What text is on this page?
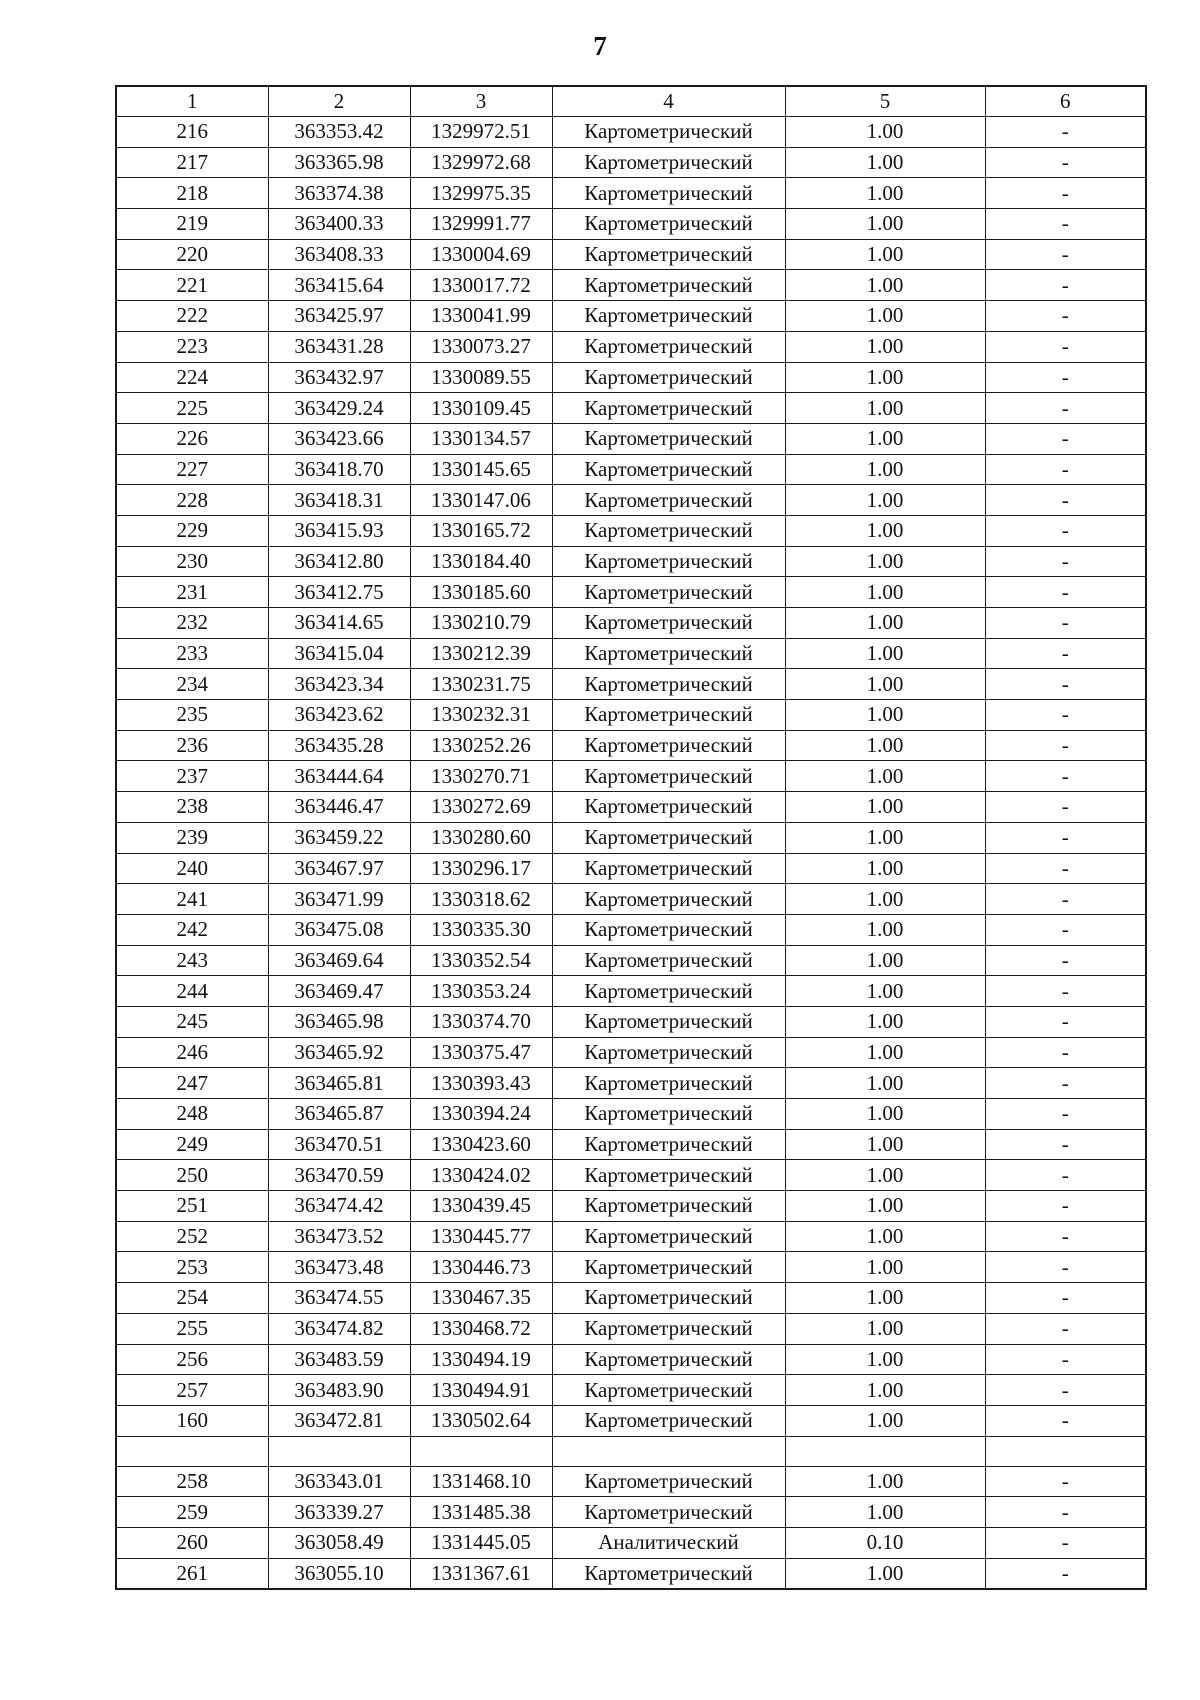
7
1	2	3	4	5	6
216	363353.42	1329972.51	Картометрический	1.00	-
217	363365.98	1329972.68	Картометрический	1.00	-
218	363374.38	1329975.35	Картометрический	1.00	-
219	363400.33	1329991.77	Картометрический	1.00	-
220	363408.33	1330004.69	Картометрический	1.00	-
221	363415.64	1330017.72	Картометрический	1.00	-
222	363425.97	1330041.99	Картометрический	1.00	-
223	363431.28	1330073.27	Картометрический	1.00	-
224	363432.97	1330089.55	Картометрический	1.00	-
225	363429.24	1330109.45	Картометрический	1.00	-
226	363423.66	1330134.57	Картометрический	1.00	-
227	363418.70	1330145.65	Картометрический	1.00	-
228	363418.31	1330147.06	Картометрический	1.00	-
229	363415.93	1330165.72	Картометрический	1.00	-
230	363412.80	1330184.40	Картометрический	1.00	-
231	363412.75	1330185.60	Картометрический	1.00	-
232	363414.65	1330210.79	Картометрический	1.00	-
233	363415.04	1330212.39	Картометрический	1.00	-
234	363423.34	1330231.75	Картометрический	1.00	-
235	363423.62	1330232.31	Картометрический	1.00	-
236	363435.28	1330252.26	Картометрический	1.00	-
237	363444.64	1330270.71	Картометрический	1.00	-
238	363446.47	1330272.69	Картометрический	1.00	-
239	363459.22	1330280.60	Картометрический	1.00	-
240	363467.97	1330296.17	Картометрический	1.00	-
241	363471.99	1330318.62	Картометрический	1.00	-
242	363475.08	1330335.30	Картометрический	1.00	-
243	363469.64	1330352.54	Картометрический	1.00	-
244	363469.47	1330353.24	Картометрический	1.00	-
245	363465.98	1330374.70	Картометрический	1.00	-
246	363465.92	1330375.47	Картометрический	1.00	-
247	363465.81	1330393.43	Картометрический	1.00	-
248	363465.87	1330394.24	Картометрический	1.00	-
249	363470.51	1330423.60	Картометрический	1.00	-
250	363470.59	1330424.02	Картометрический	1.00	-
251	363474.42	1330439.45	Картометрический	1.00	-
252	363473.52	1330445.77	Картометрический	1.00	-
253	363473.48	1330446.73	Картометрический	1.00	-
254	363474.55	1330467.35	Картометрический	1.00	-
255	363474.82	1330468.72	Картометрический	1.00	-
256	363483.59	1330494.19	Картометрический	1.00	-
257	363483.90	1330494.91	Картометрический	1.00	-
160	363472.81	1330502.64	Картометрический	1.00	-

258	363343.01	1331468.10	Картометрический	1.00	-
259	363339.27	1331485.38	Картометрический	1.00	-
260	363058.49	1331445.05	Аналитический	0.10	-
261	363055.10	1331367.61	Картометрический	1.00	-
